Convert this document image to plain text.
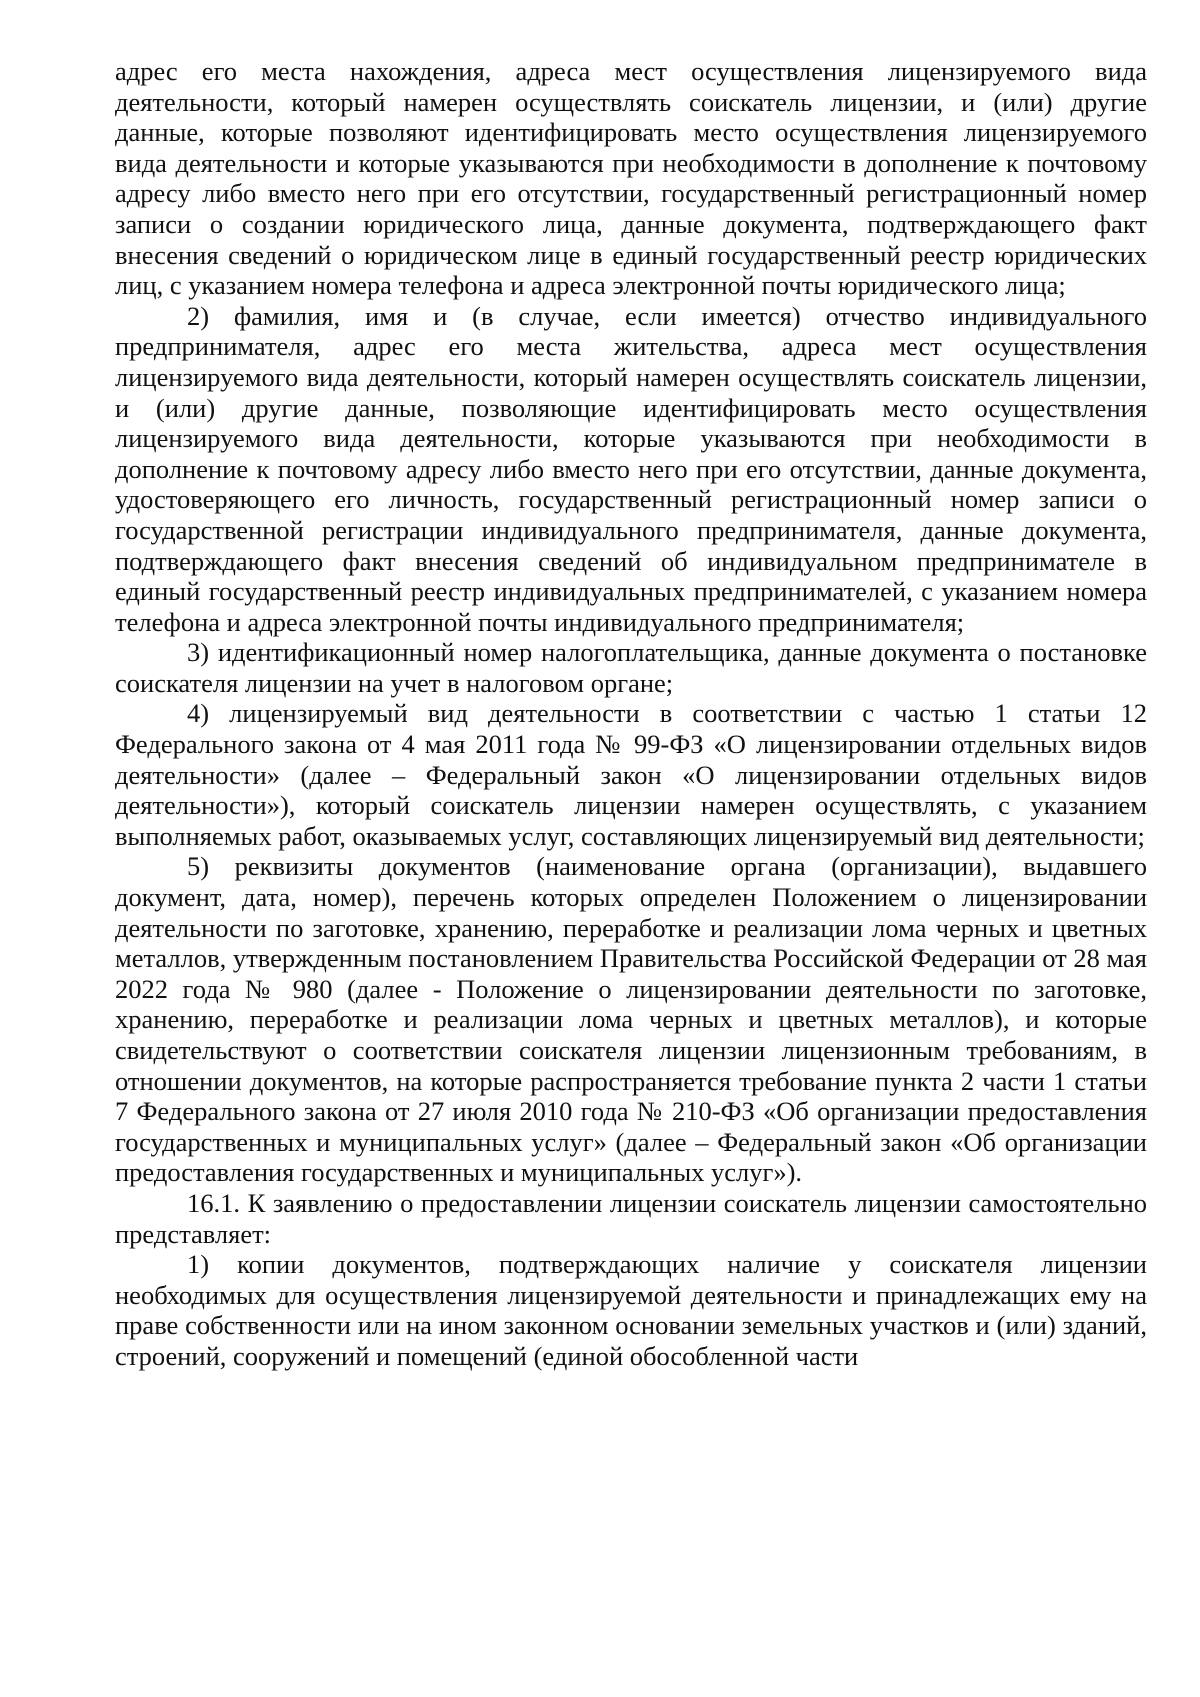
адрес его места нахождения, адреса мест осуществления лицензируемого вида деятельности, который намерен осуществлять соискатель лицензии, и (или) другие данные, которые позволяют идентифицировать место осуществления лицензируемого вида деятельности и которые указываются при необходимости в дополнение к почтовому адресу либо вместо него при его отсутствии, государственный регистрационный номер записи о создании юридического лица, данные документа, подтверждающего факт внесения сведений о юридическом лице в единый государственный реестр юридических лиц, с указанием номера телефона и адреса электронной почты юридического лица;

2) фамилия, имя и (в случае, если имеется) отчество индивидуального предпринимателя, адрес его места жительства, адреса мест осуществления лицензируемого вида деятельности, который намерен осуществлять соискатель лицензии, и (или) другие данные, позволяющие идентифицировать место осуществления лицензируемого вида деятельности, которые указываются при необходимости в дополнение к почтовому адресу либо вместо него при его отсутствии, данные документа, удостоверяющего его личность, государственный регистрационный номер записи о государственной регистрации индивидуального предпринимателя, данные документа, подтверждающего факт внесения сведений об индивидуальном предпринимателе в единый государственный реестр индивидуальных предпринимателей, с указанием номера телефона и адреса электронной почты индивидуального предпринимателя;

3) идентификационный номер налогоплательщика, данные документа о постановке соискателя лицензии на учет в налоговом органе;

4) лицензируемый вид деятельности в соответствии с частью 1 статьи 12 Федерального закона от 4 мая 2011 года № 99-ФЗ «О лицензировании отдельных видов деятельности» (далее – Федеральный закон «О лицензировании отдельных видов деятельности»), который соискатель лицензии намерен осуществлять, с указанием выполняемых работ, оказываемых услуг, составляющих лицензируемый вид деятельности;

5) реквизиты документов (наименование органа (организации), выдавшего документ, дата, номер), перечень которых определен Положением о лицензировании деятельности по заготовке, хранению, переработке и реализации лома черных и цветных металлов, утвержденным постановлением Правительства Российской Федерации от 28 мая 2022 года № 980 (далее - Положение о лицензировании деятельности по заготовке, хранению, переработке и реализации лома черных и цветных металлов), и которые свидетельствуют о соответствии соискателя лицензии лицензионным требованиям, в отношении документов, на которые распространяется требование пункта 2 части 1 статьи 7 Федерального закона от 27 июля 2010 года № 210-ФЗ «Об организации предоставления государственных и муниципальных услуг» (далее – Федеральный закон «Об организации предоставления государственных и муниципальных услуг»).

16.1. К заявлению о предоставлении лицензии соискатель лицензии самостоятельно представляет:

1) копии документов, подтверждающих наличие у соискателя лицензии необходимых для осуществления лицензируемой деятельности и принадлежащих ему на праве собственности или на ином законном основании земельных участков и (или) зданий, строений, сооружений и помещений (единой обособленной части
